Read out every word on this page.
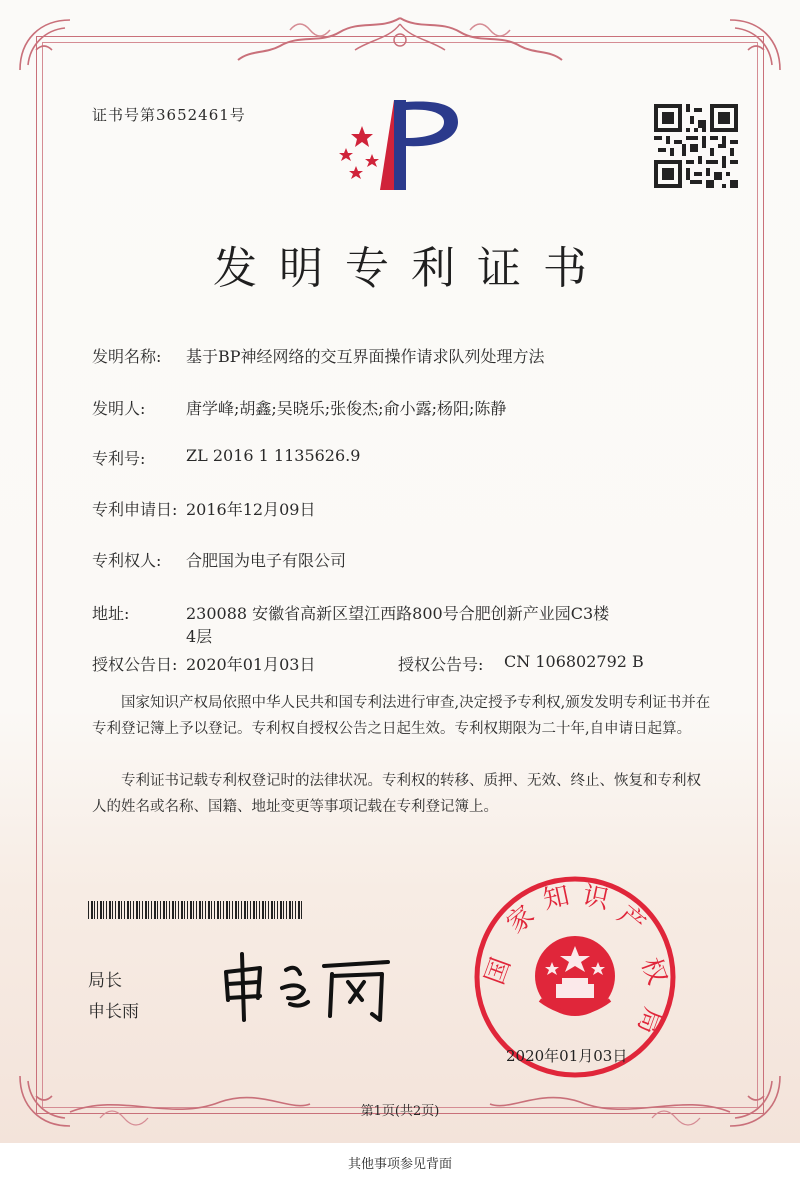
证书号第3652461号
发明专利证书
发明名称: 基于BP神经网络的交互界面操作请求队列处理方法
发明人:	唐学峰;胡鑫;吴晓乐;张俊杰;俞小露;杨阳;陈静
专利号:	ZL 2016 1 1135626.9
专利申请日: 2016年12月09日
专利权人: 合肥国为电子有限公司
地址:	230088 安徽省高新区望江西路800号合肥创新产业园C3楼
4层
授权公告日: 2020年01月03日	授权公告号: CN 106802792 B
国家知识产权局依照中华人民共和国专利法进行审查,决定授予专利权,颁发发明专利证书并在专利登记簿上予以登记。专利权自授权公告之日起生效。专利权期限为二十年,自申请日起算。
专利证书记载专利权登记时的法律状况。专利权的转移、质押、无效、终止、恢复和专利权人的姓名或名称、国籍、地址变更等事项记载在专利登记簿上。
局长
申长雨
国
家
知 识
产
权
局
2020年01月03日
第1页(共2页)
其他事项参见背面
